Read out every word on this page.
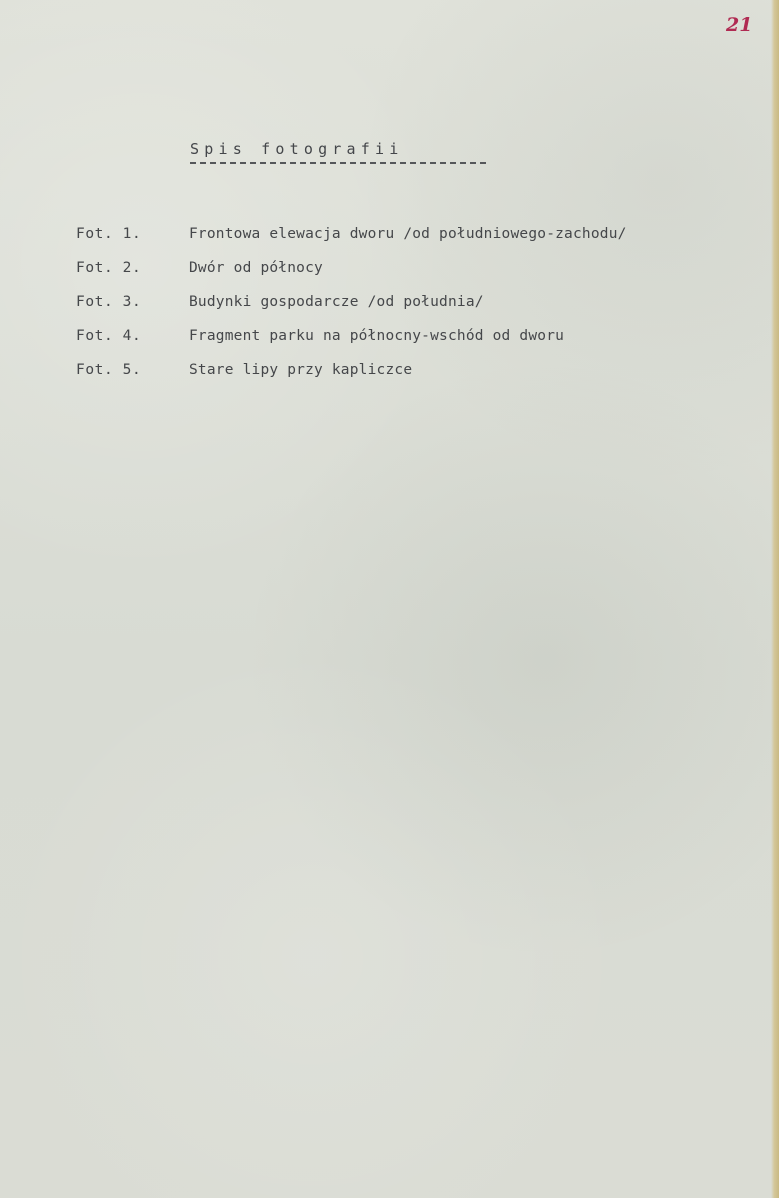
21
Spis fotografii
Fot. 1.	Frontowa elewacja dworu /od południowego-zachodu/
Fot. 2.	Dwór od północy
Fot. 3.	Budynki gospodarcze /od południa/
Fot. 4.	Fragment parku na północny-wschód od dworu
Fot. 5.	Stare lipy przy kapliczce
